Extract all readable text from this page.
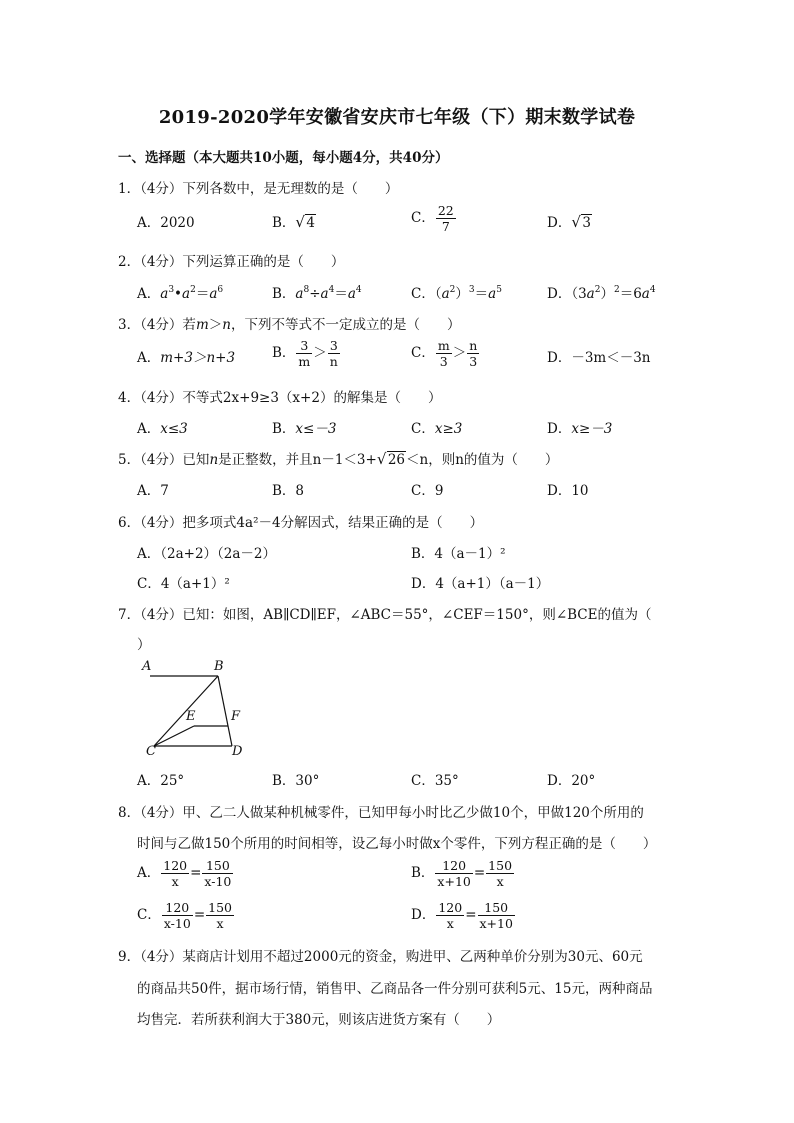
2019-2020学年安徽省安庆市七年级（下）期末数学试卷
一、选择题（本大题共10小题，每小题4分，共40分）
1．（4分）下列各数中，是无理数的是（　　）
A．2020	B． √ 4	C． $\frac{22}{7}$	D． √ 3
2．（4分）下列运算正确的是（　　）
A．$a^3•a^2=a^6$	B．$a^8\div a^4=a^4$	C．$(a^2)^3=a^5$	D．$(3a^2)^2=6a^4$
3．（4分）若m＞n，下列不等式不一定成立的是（　　）
A．m+3＞n+3	B． $\frac{3}{m} > \frac{3}{n}$	C． $\frac{m}{3} > \frac{n}{3}$	D．－3m＜－3n
4．（4分）不等式2x+9≥3（x+2）的解集是（　　）
A．x≤3	B．x≤－3	C．x≥3	D．x≥－3
5．（4分）已知n是正整数，并且n－1＜3+ √ 26＜n，则n的值为（　　）
A．7	B．8	C．9	D．10
6．（4分）把多项式4a²－4分解因式，结果正确的是（　　）
A．（2a+2）（2a－2）	B．4（a－1）²
C．4（a+1）²	D．4（a+1）（a－1）
7．（4分）已知：如图，AB∥CD∥EF，∠ABC＝55°，∠CEF＝150°，则∠BCE的值为（
）
A	B
E	F
C	D
A．25°	B．30°	C．35°	D．20°
8．（4分）甲、乙二人做某种机械零件，已知甲每小时比乙少做10个，甲做120个所用的
时间与乙做150个所用的时间相等，设乙每小时做x个零件，下列方程正确的是（　　）
A． $\frac{120}{x} = \frac{150}{x-10}$	B． $\frac{120}{x+10} = \frac{150}{x}$
C． $\frac{120}{x-10} = \frac{150}{x}$	D． $\frac{120}{x} = \frac{150}{x+10}$
9．（4分）某商店计划用不超过2000元的资金，购进甲、乙两种单价分别为30元、60元
的商品共50件，据市场行情，销售甲、乙商品各一件分别可获利5元、15元，两种商品
均售完．若所获利润大于380元，则该店进货方案有（　　）
